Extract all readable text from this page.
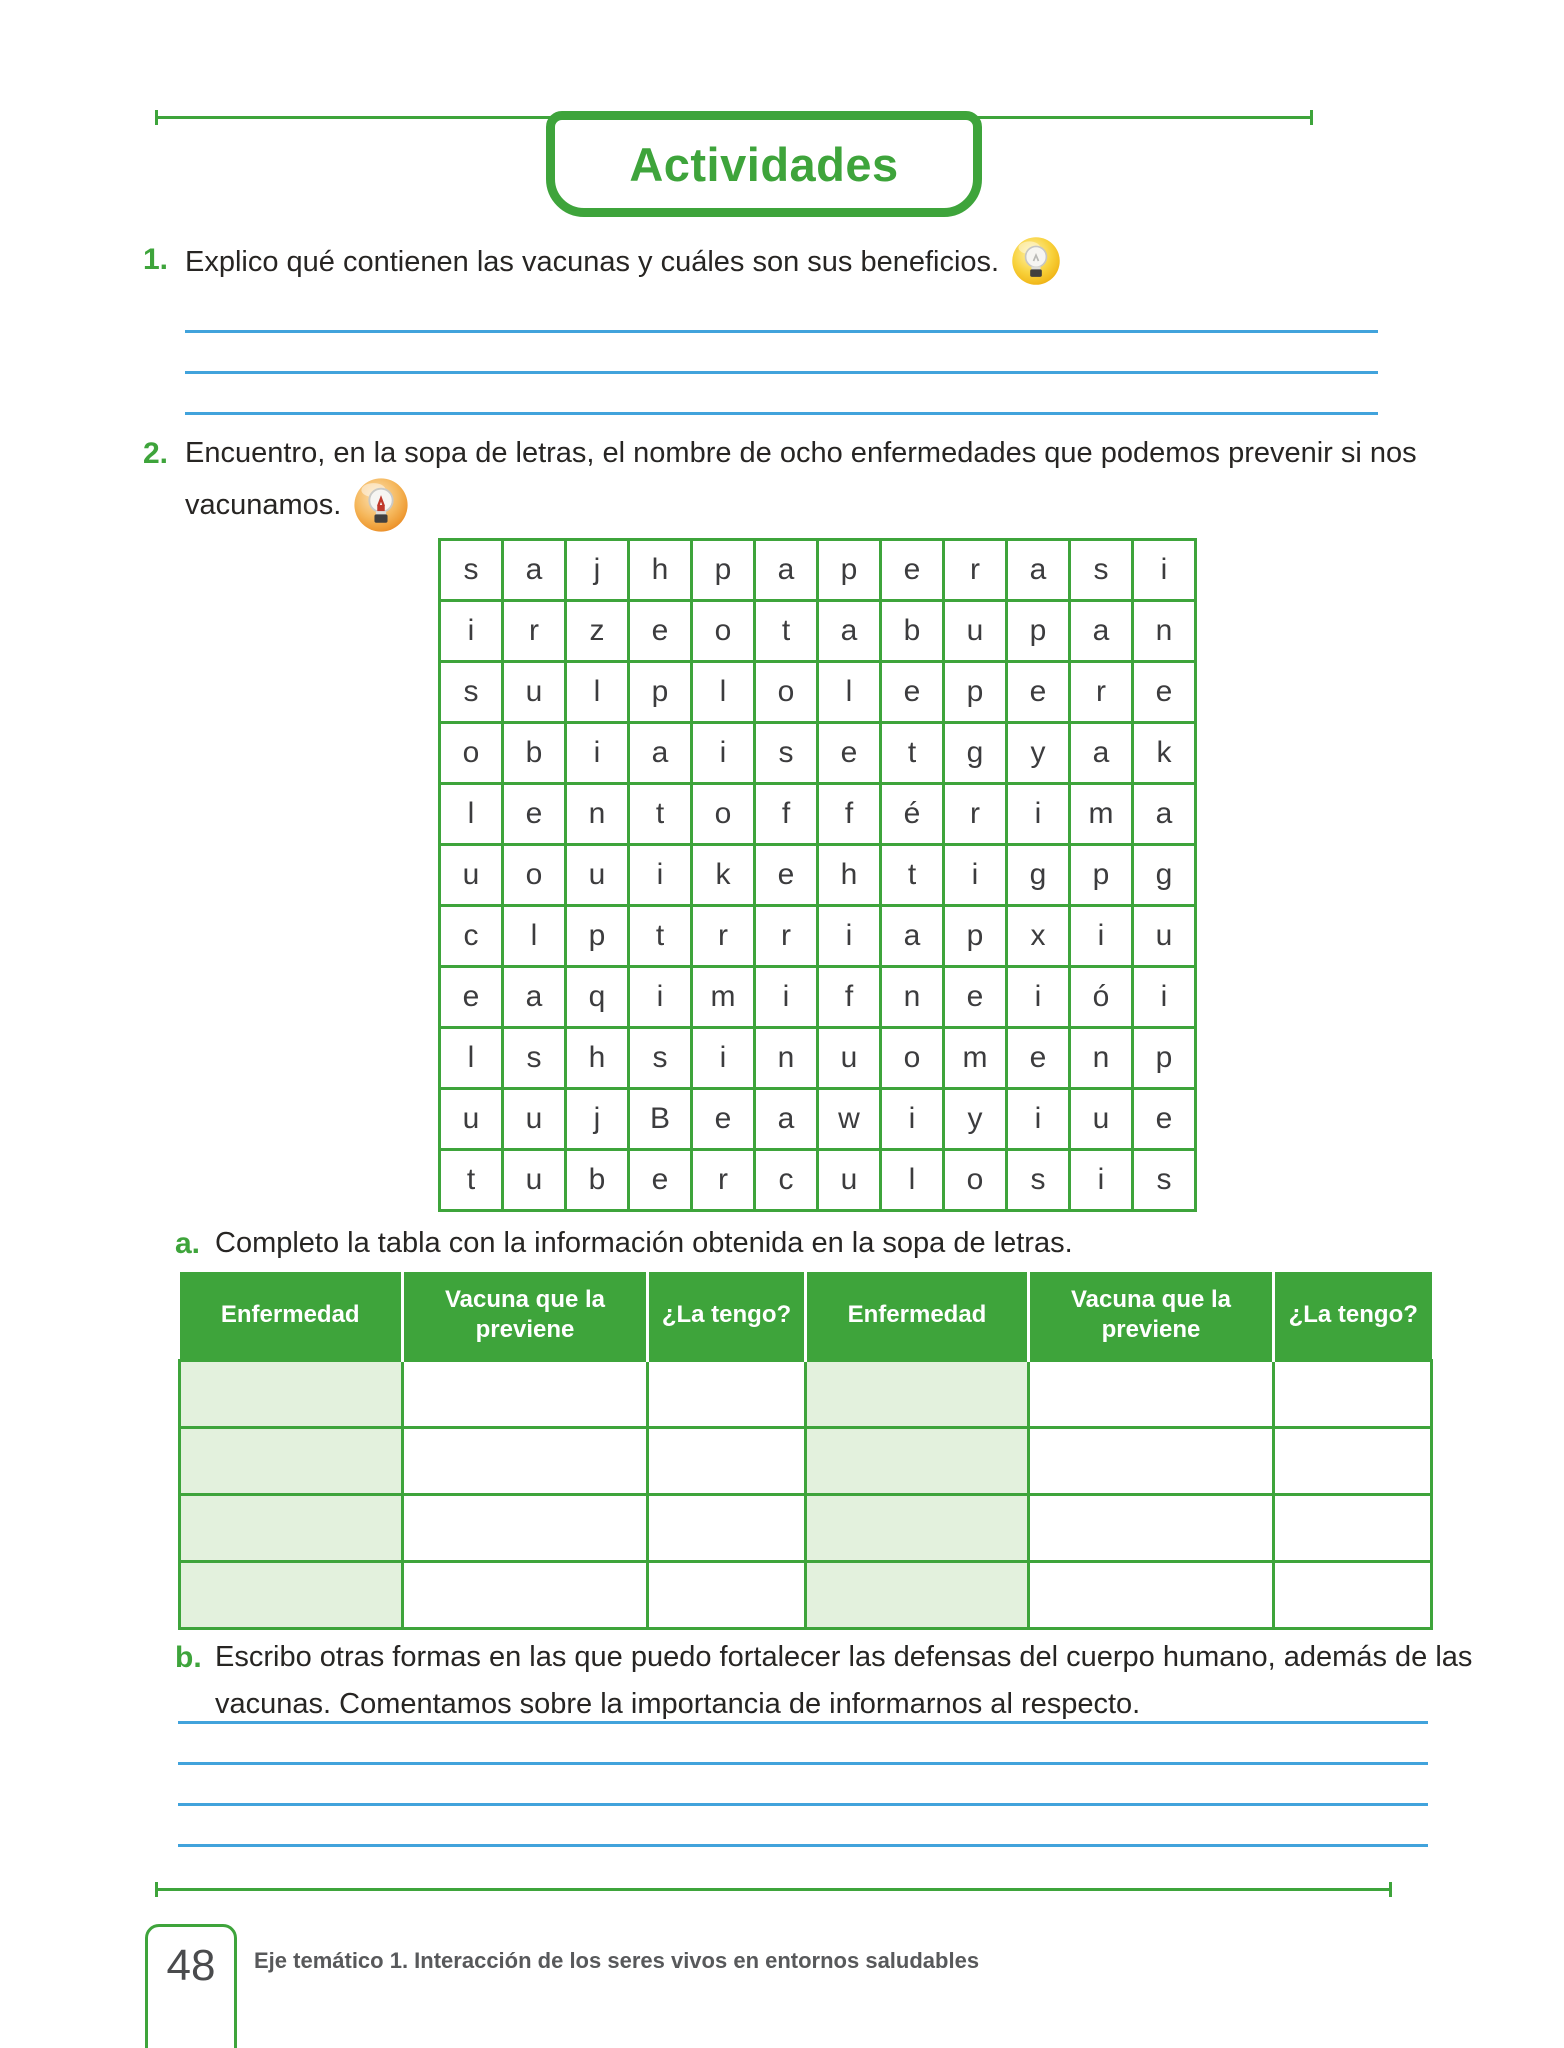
Actividades
1. Explico qué contienen las vacunas y cuáles son sus beneficios.
2. Encuentro, en la sopa de letras, el nombre de ocho enfermedades que podemos prevenir si nos vacunamos.
s	a	j	h	p	a	p	e	r	a	s	i
i	r	z	e	o	t	a	b	u	p	a	n
s	u	l	p	l	o	l	e	p	e	r	e
o	b	i	a	i	s	e	t	g	y	a	k
l	e	n	t	o	f	f	é	r	i	m	a
u	o	u	i	k	e	h	t	i	g	p	g
c	l	p	t	r	r	i	a	p	x	i	u
e	a	q	i	m	i	f	n	e	i	ó	i
l	s	h	s	i	n	u	o	m	e	n	p
u	u	j	B	e	a	w	i	y	i	u	e
t	u	b	e	r	c	u	l	o	s	i	s
a. Completo la tabla con la información obtenida en la sopa de letras.
Enfermedad	Vacuna que la previene	¿La tengo?	Enfermedad	Vacuna que la previene	¿La tengo?

b. Escribo otras formas en las que puedo fortalecer las defensas del cuerpo humano, además de las vacunas. Comentamos sobre la importancia de informarnos al respecto.
48	Eje temático 1. Interacción de los seres vivos en entornos saludables
